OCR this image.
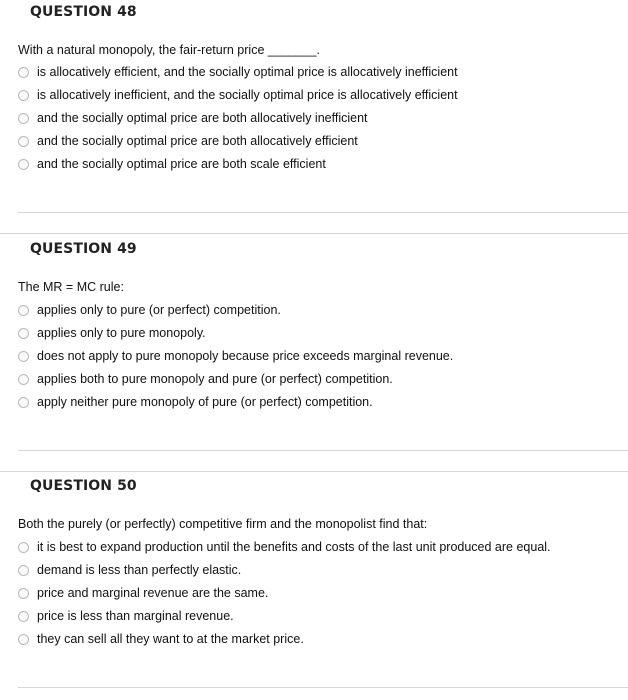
QUESTION 48
With a natural monopoly, the fair-return price _______.
is allocatively efficient, and the socially optimal price is allocatively inefficient
is allocatively inefficient, and the socially optimal price is allocatively efficient
and the socially optimal price are both allocatively inefficient
and the socially optimal price are both allocatively efficient
and the socially optimal price are both scale efficient
QUESTION 49
The MR = MC rule:
applies only to pure (or perfect) competition.
applies only to pure monopoly.
does not apply to pure monopoly because price exceeds marginal revenue.
applies both to pure monopoly and pure (or perfect) competition.
apply neither pure monopoly of pure (or perfect) competition.
QUESTION 50
Both the purely (or perfectly) competitive firm and the monopolist find that:
it is best to expand production until the benefits and costs of the last unit produced are equal.
demand is less than perfectly elastic.
price and marginal revenue are the same.
price is less than marginal revenue.
they can sell all they want to at the market price.
